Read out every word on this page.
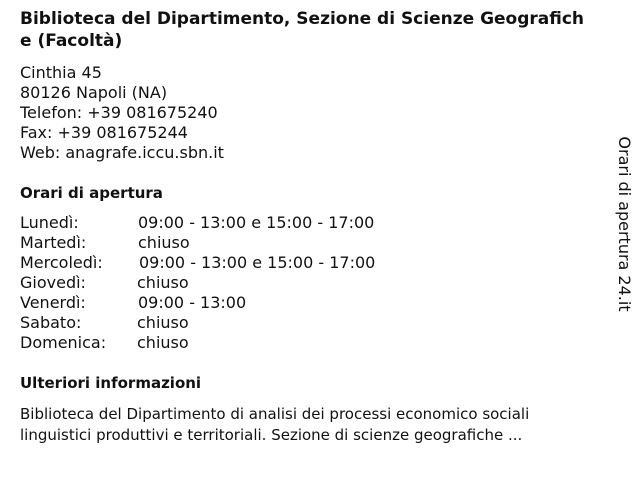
Biblioteca del Dipartimento, Sezione di Scienze Geografiche (Facoltà)
Cinthia 45
80126 Napoli (NA)
Telefon: +39 081675240
Fax: +39 081675244
Web: anagrafe.iccu.sbn.it
Orari di apertura
Lunedì:	09:00 - 13:00 e 15:00 - 17:00
Martedì:	chiuso
Mercoledì: 09:00 - 13:00 e 15:00 - 17:00
Giovedì:	chiuso
Venerdì:	09:00 - 13:00
Sabato:	chiuso
Domenica: chiuso
Ulteriori informazioni
Biblioteca del Dipartimento di analisi dei processi economico sociali
linguistici produttivi e territoriali. Sezione di scienze geografiche ...
Orari di apertura 24.it
